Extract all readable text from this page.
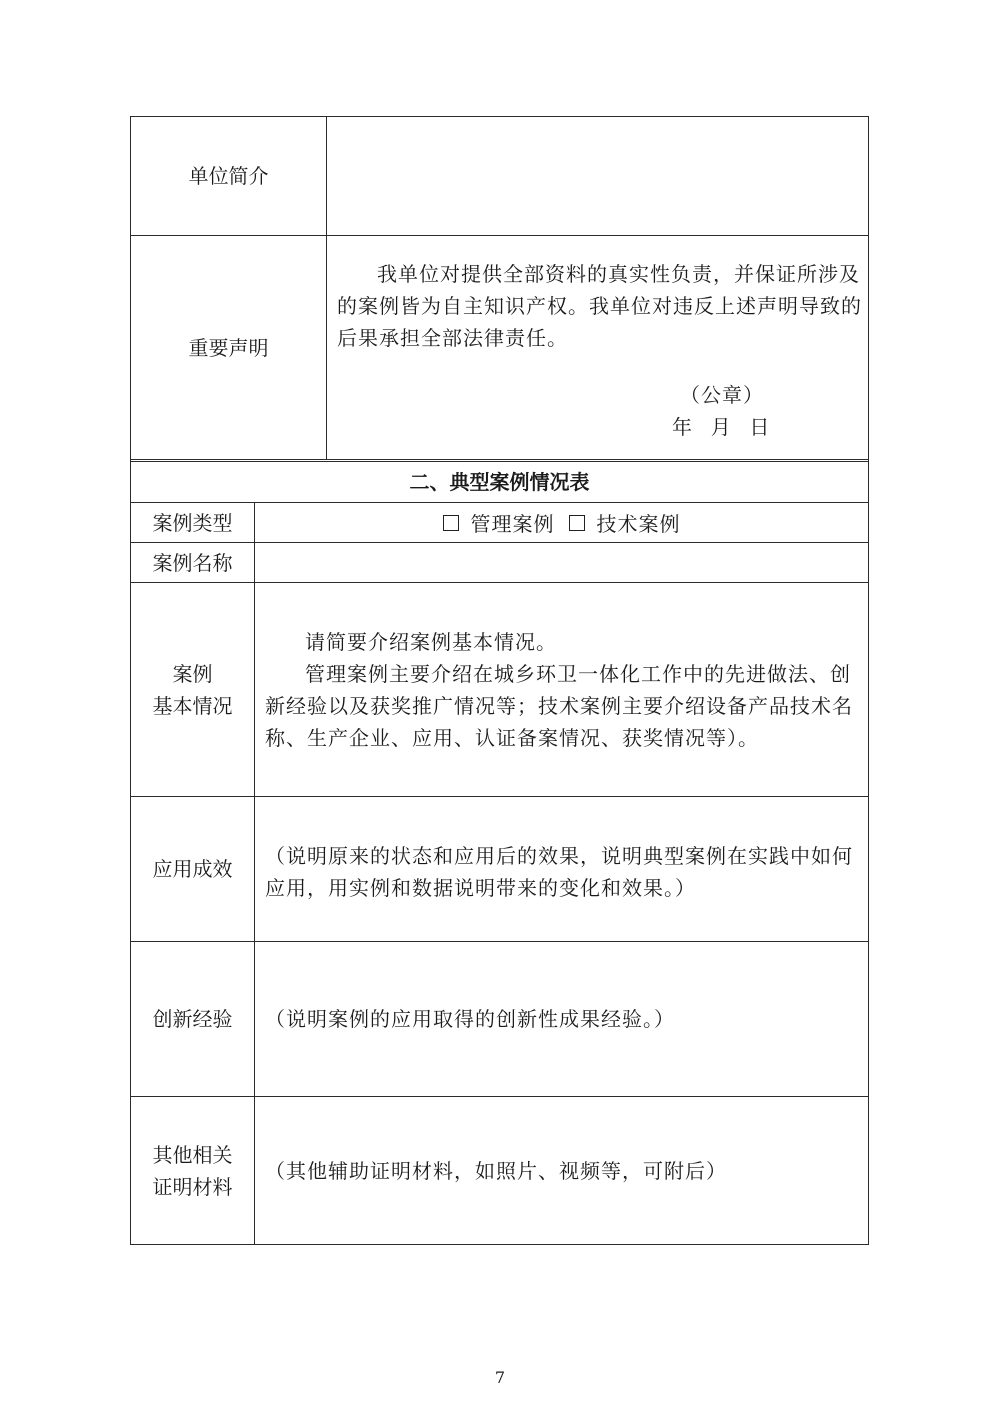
单位简介
重要声明
我单位对提供全部资料的真实性负责，并保证所涉及的案例皆为自主知识产权。我单位对违反上述声明导致的后果承担全部法律责任。
（公章）
年  月  日
二、典型案例情况表
案例类型	管理案例 技术案例
案例名称
案例
基本情况
请简要介绍案例基本情况。
管理案例主要介绍在城乡环卫一体化工作中的先进做法、创新经验以及获奖推广情况等；技术案例主要介绍设备产品技术名称、生产企业、应用、认证备案情况、获奖情况等）。
应用成效
（说明原来的状态和应用后的效果，说明典型案例在实践中如何应用，用实例和数据说明带来的变化和效果。）
创新经验	（说明案例的应用取得的创新性成果经验。）
其他相关
证明材料
（其他辅助证明材料，如照片、视频等，可附后）
7
